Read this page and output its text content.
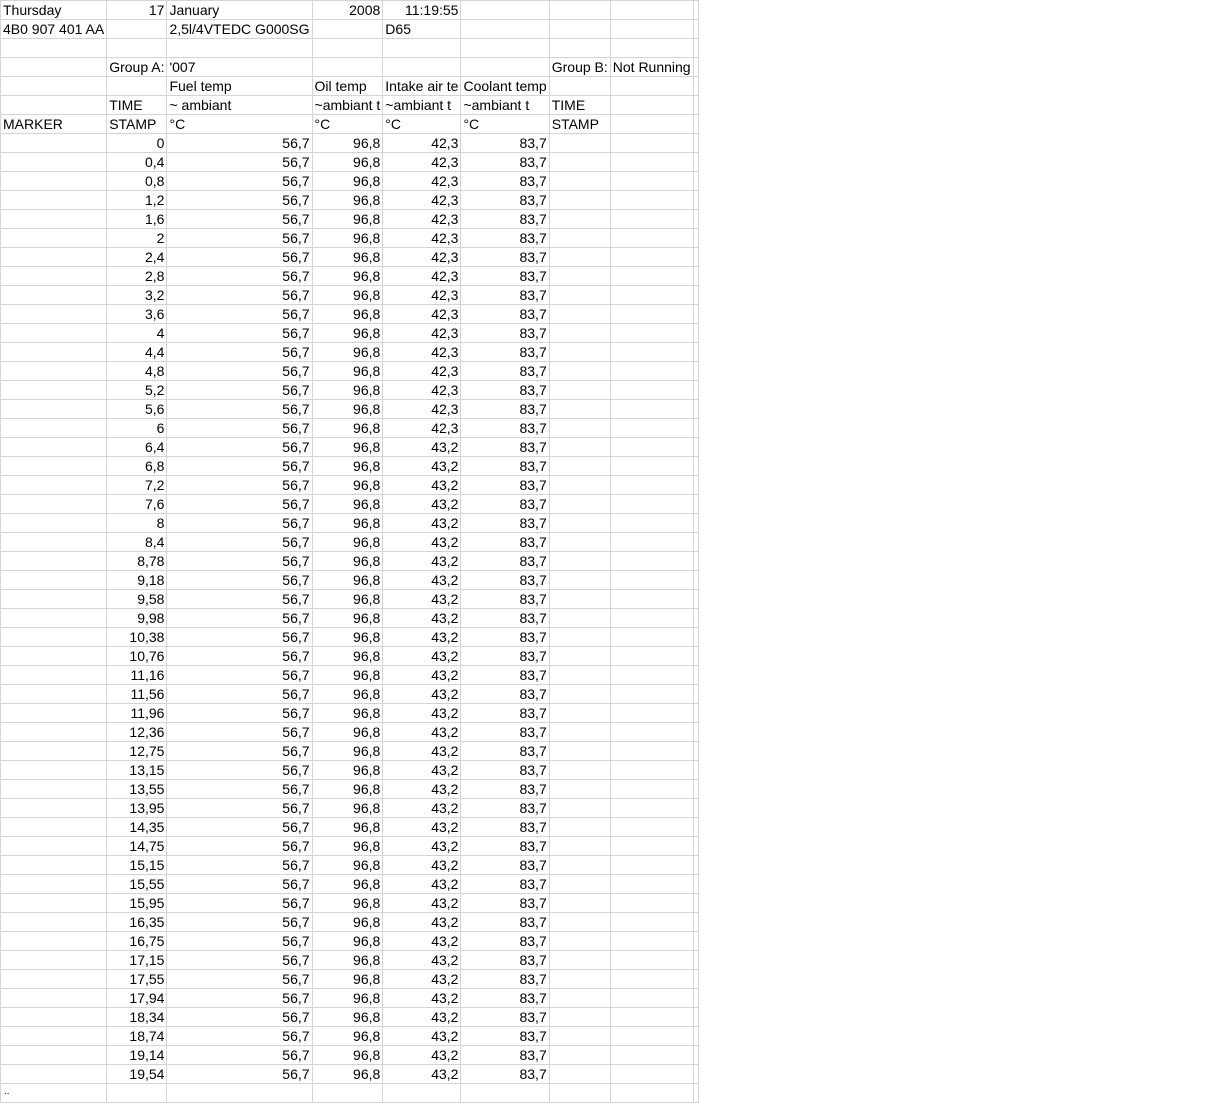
Thursday	17	January	2008	11:19:55				
4B0 907 401 AA		2,5l/4VTEDC G000SG		D65				

	Group A:	'007				Group B:	Not Running	
		Fuel temp	Oil temp	Intake air te	Coolant temp			
	TIME	~ ambiant	~ambiant t	~ambiant t	~ambiant t	TIME		
MARKER	STAMP	°C	°C	°C	°C	STAMP		
	0	56,7	96,8	42,3	83,7			
	0,4	56,7	96,8	42,3	83,7			
	0,8	56,7	96,8	42,3	83,7			
	1,2	56,7	96,8	42,3	83,7			
	1,6	56,7	96,8	42,3	83,7			
	2	56,7	96,8	42,3	83,7			
	2,4	56,7	96,8	42,3	83,7			
	2,8	56,7	96,8	42,3	83,7			
	3,2	56,7	96,8	42,3	83,7			
	3,6	56,7	96,8	42,3	83,7			
	4	56,7	96,8	42,3	83,7			
	4,4	56,7	96,8	42,3	83,7			
	4,8	56,7	96,8	42,3	83,7			
	5,2	56,7	96,8	42,3	83,7			
	5,6	56,7	96,8	42,3	83,7			
	6	56,7	96,8	42,3	83,7			
	6,4	56,7	96,8	43,2	83,7			
	6,8	56,7	96,8	43,2	83,7			
	7,2	56,7	96,8	43,2	83,7			
	7,6	56,7	96,8	43,2	83,7			
	8	56,7	96,8	43,2	83,7			
	8,4	56,7	96,8	43,2	83,7			
	8,78	56,7	96,8	43,2	83,7			
	9,18	56,7	96,8	43,2	83,7			
	9,58	56,7	96,8	43,2	83,7			
	9,98	56,7	96,8	43,2	83,7			
	10,38	56,7	96,8	43,2	83,7			
	10,76	56,7	96,8	43,2	83,7			
	11,16	56,7	96,8	43,2	83,7			
	11,56	56,7	96,8	43,2	83,7			
	11,96	56,7	96,8	43,2	83,7			
	12,36	56,7	96,8	43,2	83,7			
	12,75	56,7	96,8	43,2	83,7			
	13,15	56,7	96,8	43,2	83,7			
	13,55	56,7	96,8	43,2	83,7			
	13,95	56,7	96,8	43,2	83,7			
	14,35	56,7	96,8	43,2	83,7			
	14,75	56,7	96,8	43,2	83,7			
	15,15	56,7	96,8	43,2	83,7			
	15,55	56,7	96,8	43,2	83,7			
	15,95	56,7	96,8	43,2	83,7			
	16,35	56,7	96,8	43,2	83,7			
	16,75	56,7	96,8	43,2	83,7			
	17,15	56,7	96,8	43,2	83,7			
	17,55	56,7	96,8	43,2	83,7			
	17,94	56,7	96,8	43,2	83,7			
	18,34	56,7	96,8	43,2	83,7			
	18,74	56,7	96,8	43,2	83,7			
	19,14	56,7	96,8	43,2	83,7			
	19,54	56,7	96,8	43,2	83,7			

..
